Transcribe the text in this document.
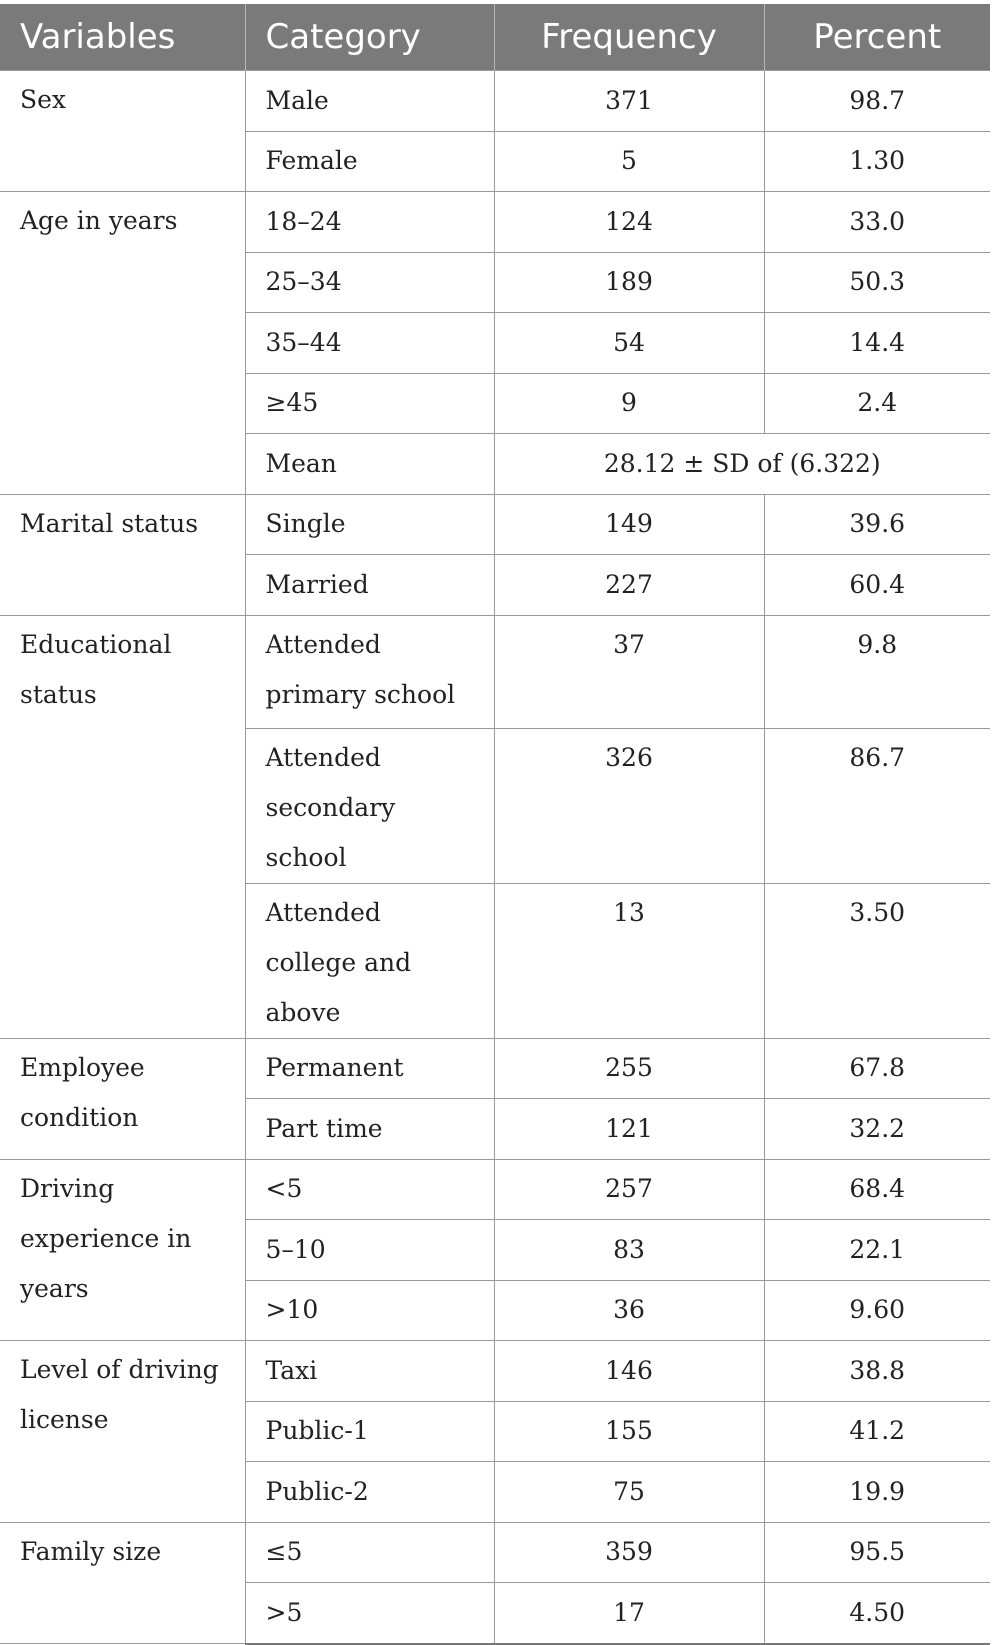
Variables	Category	Frequency	Percent
Sex	Male	371	98.7
	Female	5	1.30
Age in years	18–24	124	33.0
	25–34	189	50.3
	35–44	54	14.4
	≥45	9	2.4
	Mean	28.12 ± SD of (6.322)	
Marital status	Single	149	39.6
	Married	227	60.4
Educational status	Attended primary school	37	9.8
	Attended secondary school	326	86.7
	Attended college and above	13	3.50
Employee condition	Permanent	255	67.8
	Part time	121	32.2
Driving experience in years	<5	257	68.4
	5–10	83	22.1
	>10	36	9.60
Level of driving license	Taxi	146	38.8
	Public-1	155	41.2
	Public-2	75	19.9
Family size	≤5	359	95.5
	>5	17	4.50
